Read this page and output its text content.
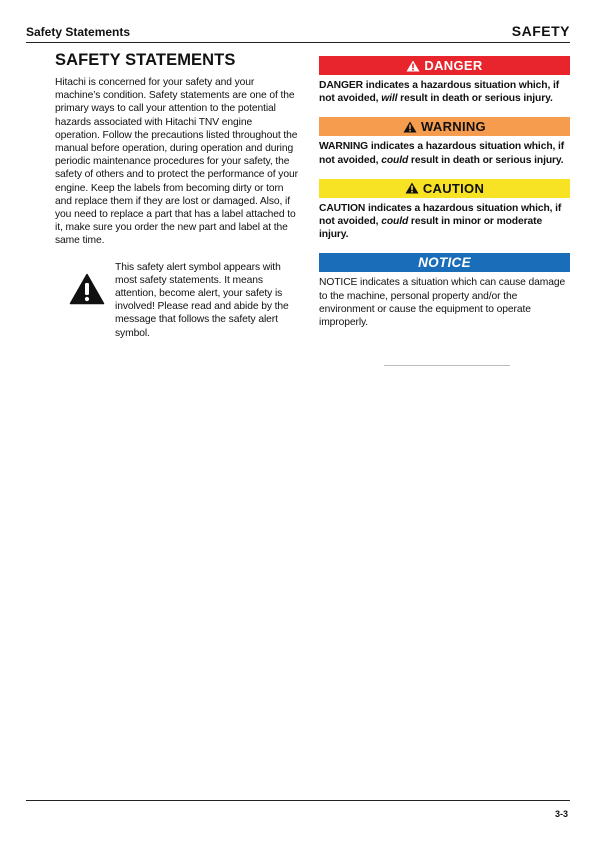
Safety Statements	SAFETY
SAFETY STATEMENTS

Hitachi is concerned for your safety and your machine’s condition. Safety statements are one of the primary ways to call your attention to the potential hazards associated with Hitachi TNV engine operation. Follow the precautions listed throughout the manual before operation, during operation and during periodic maintenance procedures for your safety, the safety of others and to protect the performance of your engine. Keep the labels from becoming dirty or torn and replace them if they are lost or damaged. Also, if you need to replace a part that has a label attached to it, make sure you order the new part and label at the same time.

This safety alert symbol appears with most safety statements. It means attention, become alert, your safety is involved! Please read and abide by the message that follows the safety alert symbol.

DANGER

DANGER indicates a hazardous situation which, if not avoided, will result in death or serious injury.

WARNING

WARNING indicates a hazardous situation which, if not avoided, could result in death or serious injury.

CAUTION

CAUTION indicates a hazardous situation which, if not avoided, could result in minor or moderate injury.

NOTICE

NOTICE indicates a situation which can cause damage to the machine, personal property and/or the environment or cause the equipment to operate improperly.

3-3
